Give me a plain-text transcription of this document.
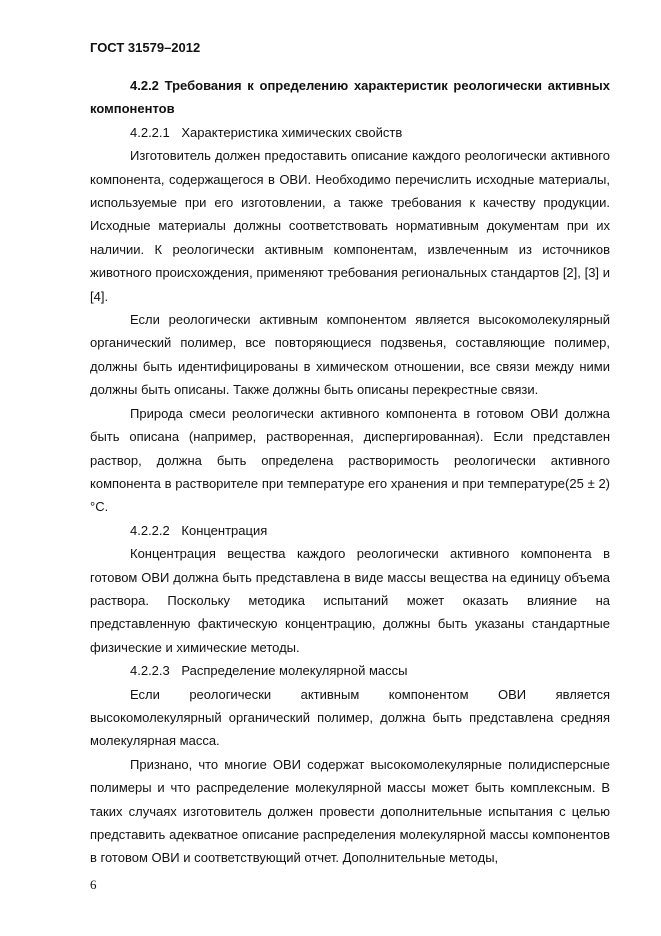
ГОСТ 31579–2012

4.2.2 Требования к определению характеристик реологически активных компонентов

4.2.2.1 Характеристика химических свойств

Изготовитель должен предоставить описание каждого реологически активного компонента, содержащегося в ОВИ. Необходимо перечислить исходные материалы, используемые при его изготовлении, а также требования к качеству продукции. Исходные материалы должны соответствовать нормативным документам при их наличии. К реологически активным компонентам, извлеченным из источников животного происхождения, применяют требования региональных стандартов [2], [3] и [4].

Если реологически активным компонентом является высокомолекулярный органический полимер, все повторяющиеся подзвенья, составляющие полимер, должны быть идентифицированы в химическом отношении, все связи между ними должны быть описаны. Также должны быть описаны перекрестные связи.

Природа смеси реологически активного компонента в готовом ОВИ должна быть описана (например, растворенная, диспергированная). Если представлен раствор, должна быть определена растворимость реологически активного компонента в растворителе при температуре его хранения и при температуре(25 ± 2)°С.

4.2.2.2 Концентрация

Концентрация вещества каждого реологически активного компонента в готовом ОВИ должна быть представлена в виде массы вещества на единицу объема раствора. Поскольку методика испытаний может оказать влияние на представленную фактическую концентрацию, должны быть указаны стандартные физические и химические методы.

4.2.2.3 Распределение молекулярной массы

Если реологически активным компонентом ОВИ является высокомолекулярный органический полимер, должна быть представлена средняя молекулярная масса.

Признано, что многие ОВИ содержат высокомолекулярные полидисперсные полимеры и что распределение молекулярной массы может быть комплексным. В таких случаях изготовитель должен провести дополнительные испытания с целью представить адекватное описание распределения молекулярной массы компонентов в готовом ОВИ и соответствующий отчет. Дополнительные методы,

6
